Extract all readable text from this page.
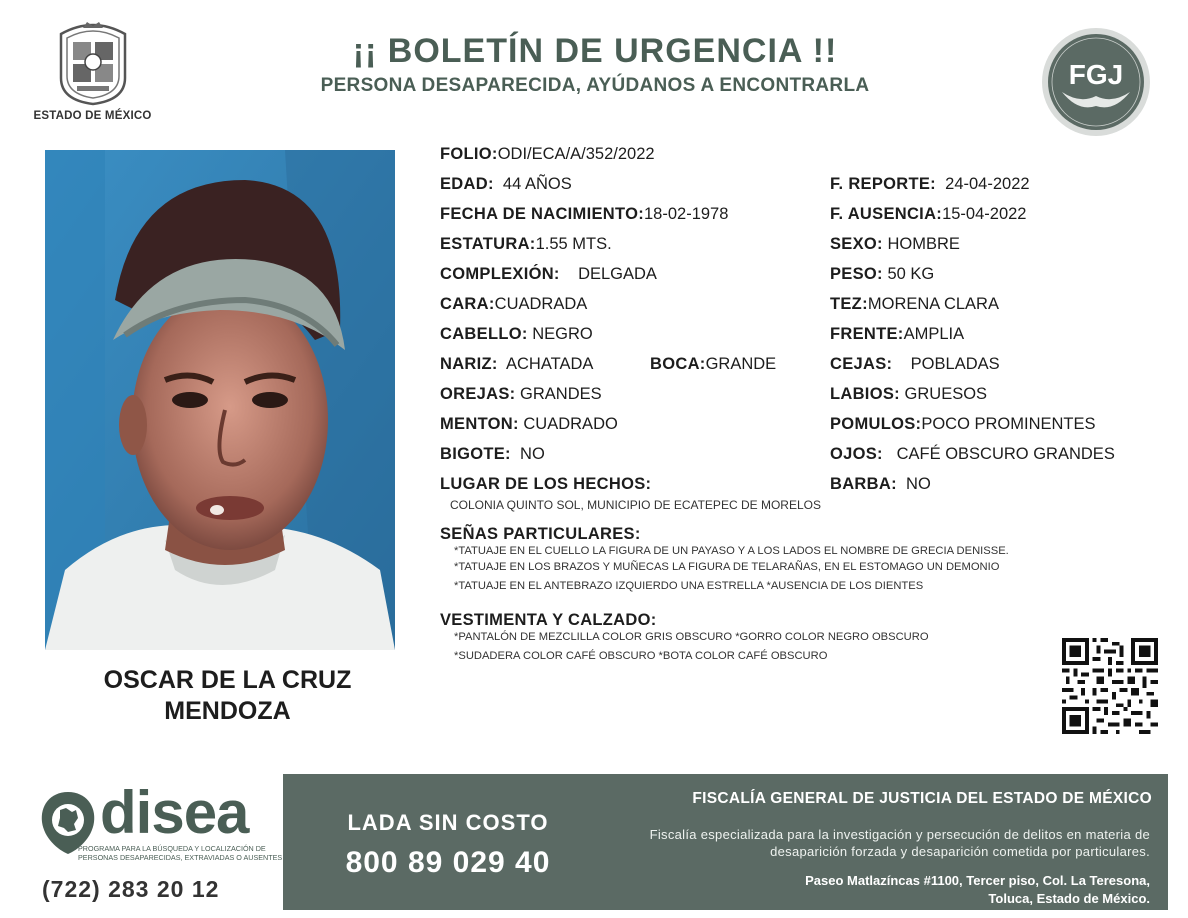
ESTADO DE MÉXICO
¡¡ BOLETÍN DE URGENCIA !!
PERSONA DESAPARECIDA, AYÚDANOS A ENCONTRARLA	FGJ
OSCAR DE LA CRUZ
MENDOZA
FOLIO:ODI/ECA/A/352/2022
EDAD: 44 AÑOS	F. REPORTE: 24-04-2022
FECHA DE NACIMIENTO:18-02-1978	F. AUSENCIA:15-04-2022
ESTATURA:1.55 MTS.	SEXO: HOMBRE
COMPLEXIÓN: DELGADA	PESO: 50 KG
CARA:CUADRADA	TEZ:MORENA CLARA
CABELLO: NEGRO	FRENTE:AMPLIA
NARIZ: ACHATADA	BOCA:GRANDE	CEJAS: POBLADAS
OREJAS: GRANDES	LABIOS: GRUESOS
MENTON: CUADRADO	POMULOS:POCO PROMINENTES
BIGOTE: NO	OJOS: CAFÉ OBSCURO GRANDES
LUGAR DE LOS HECHOS:	BARBA: NO
COLONIA QUINTO SOL, MUNICIPIO DE ECATEPEC DE MORELOS
SEÑAS PARTICULARES:
*TATUAJE EN EL CUELLO LA FIGURA DE UN PAYASO Y A LOS LADOS EL NOMBRE DE GRECIA DENISSE.
*TATUAJE EN LOS BRAZOS Y MUÑECAS LA FIGURA DE TELARAÑAS, EN EL ESTOMAGO UN DEMONIO
*TATUAJE EN EL ANTEBRAZO IZQUIERDO UNA ESTRELLA *AUSENCIA DE LOS DIENTES
VESTIMENTA Y CALZADO:
*PANTALÓN DE MEZCLILLA COLOR GRIS OBSCURO *GORRO COLOR NEGRO OBSCURO
*SUDADERA COLOR CAFÉ OBSCURO *BOTA COLOR CAFÉ OBSCURO
disea
PROGRAMA PARA LA BÚSQUEDA Y LOCALIZACIÓN DE PERSONAS DESAPARECIDAS, EXTRAVIADAS O AUSENTES
(722) 283 20 12
LADA SIN COSTO
800 89 029 40
FISCALÍA GENERAL DE JUSTICIA DEL ESTADO DE MÉXICO
Fiscalía especializada para la investigación y persecución de delitos en materia de desaparición forzada y desaparición cometida por particulares.
Paseo Matlazíncas #1100, Tercer piso, Col. La Teresona,
Toluca, Estado de México.
